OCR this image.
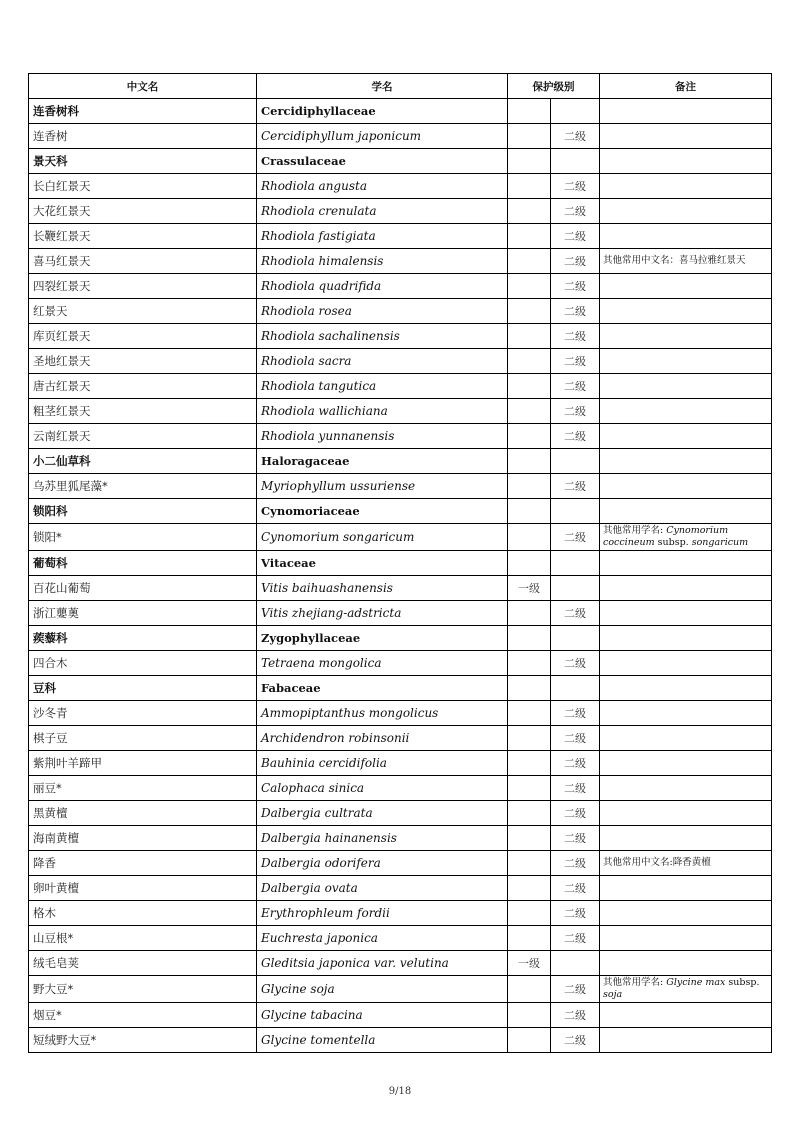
中文名	学名	保护级别		备注
连香树科	Cercidiphyllaceae			
连香树	Cercidiphyllum japonicum		二级	
景天科	Crassulaceae			
长白红景天	Rhodiola angusta		二级	
大花红景天	Rhodiola crenulata		二级	
长鞭红景天	Rhodiola fastigiata		二级	
喜马红景天	Rhodiola himalensis		二级	其他常用中文名：喜马拉雅红景天
四裂红景天	Rhodiola quadrifida		二级	
红景天	Rhodiola rosea		二级	
库页红景天	Rhodiola sachalinensis		二级	
圣地红景天	Rhodiola sacra		二级	
唐古红景天	Rhodiola tangutica		二级	
粗茎红景天	Rhodiola wallichiana		二级	
云南红景天	Rhodiola yunnanensis		二级	
小二仙草科	Haloragaceae			
乌苏里狐尾藻*	Myriophyllum ussuriense		二级	
锁阳科	Cynomoriaceae			
锁阳*	Cynomorium songaricum		二级	其他常用学名: Cynomorium coccineum subsp. songaricum
葡萄科	Vitaceae			
百花山葡萄	Vitis baihuashanensis	一级		
浙江蘡薁	Vitis zhejiang-adstricta		二级	
蒺藜科	Zygophyllaceae			
四合木	Tetraena mongolica		二级	
豆科	Fabaceae			
沙冬青	Ammopiptanthus mongolicus		二级	
棋子豆	Archidendron robinsonii		二级	
紫荆叶羊蹄甲	Bauhinia cercidifolia		二级	
丽豆*	Calophaca sinica		二级	
黑黄檀	Dalbergia cultrata		二级	
海南黄檀	Dalbergia hainanensis		二级	
降香	Dalbergia odorifera		二级	其他常用中文名:降香黄檀
卵叶黄檀	Dalbergia ovata		二级	
格木	Erythrophleum fordii		二级	
山豆根*	Euchresta japonica		二级	
绒毛皂荚	Gleditsia japonica var. velutina	一级		
野大豆*	Glycine soja		二级	其他常用学名: Glycine max subsp. soja
烟豆*	Glycine tabacina		二级	
短绒野大豆*	Glycine tomentella		二级	
9/18
